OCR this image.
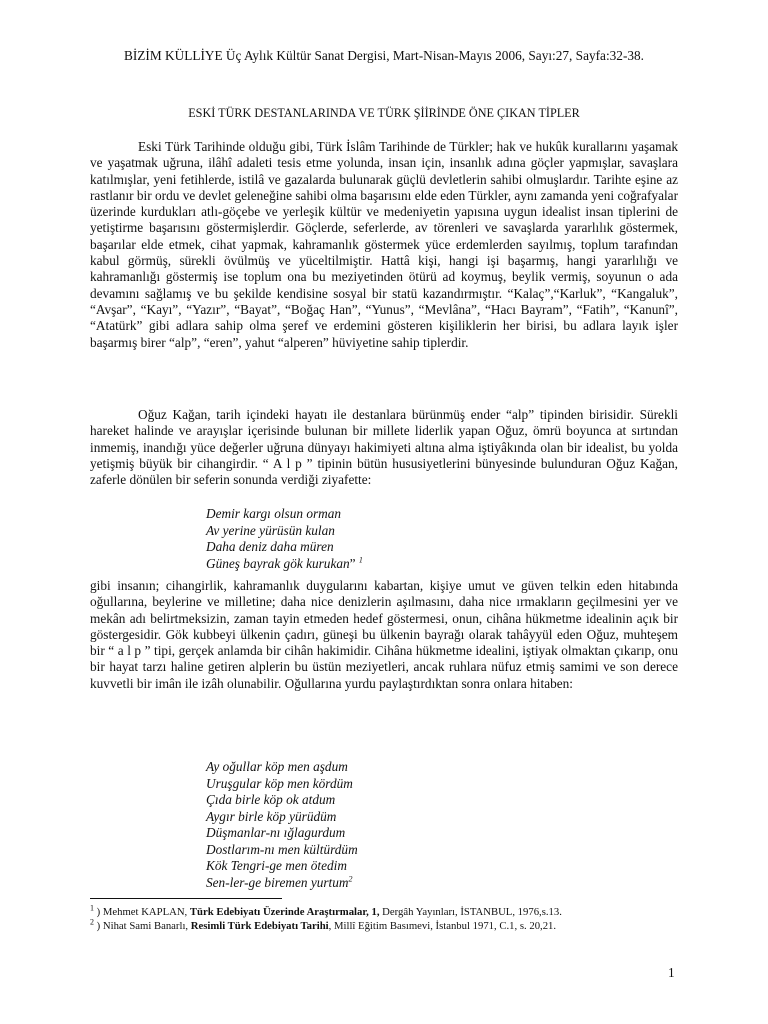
BİZİM KÜLLİYE Üç Aylık Kültür Sanat Dergisi, Mart-Nisan-Mayıs 2006, Sayı:27, Sayfa:32-38.
ESKİ TÜRK DESTANLARINDA VE TÜRK ŞİİRİNDE ÖNE ÇIKAN TİPLER

Eski Türk Tarihinde olduğu gibi, Türk İslâm Tarihinde de Türkler; hak ve hukûk kurallarını yaşamak ve yaşatmak uğruna, ilâhî adaleti tesis etme yolunda, insan için, insanlık adına göçler yapmışlar, savaşlara katılmışlar, yeni fetihlerde, istilâ ve gazalarda bulunarak güçlü devletlerin sahibi olmuşlardır. Tarihte eşine az rastlanır bir ordu ve devlet geleneğine sahibi olma başarısını elde eden Türkler, aynı zamanda yeni coğrafyalar üzerinde kurdukları atlı-göçebe ve yerleşik kültür ve medeniyetin yapısına uygun idealist insan tiplerini de yetiştirme başarısını göstermişlerdir. Göçlerde, seferlerde, av törenleri ve savaşlarda yararlılık göstermek, başarılar elde etmek, cihat yapmak, kahramanlık göstermek yüce erdemlerden sayılmış, toplum tarafından kabul görmüş, sürekli övülmüş ve yüceltilmiştir. Hattâ kişi, hangi işi başarmış, hangi yararlılığı ve kahramanlığı göstermiş ise toplum ona bu meziyetinden ötürü ad koymuş, beylik vermiş, soyunun o ada devamını sağlamış ve bu şekilde kendisine sosyal bir statü kazandırmıştır. “Kalaç”,“Karluk”, “Kangaluk”, “Avşar”, “Kayı”, “Yazır”, “Bayat”, “Boğaç Han”, “Yunus”, “Mevlâna”, “Hacı Bayram”, “Fatih”, “Kanunî”, “Atatürk” gibi adlara sahip olma şeref ve erdemini gösteren kişiliklerin her birisi, bu adlara layık işler başarmış birer “alp”, “eren”, yahut “alperen” hüviyetine sahip tiplerdir.

Oğuz Kağan, tarih içindeki hayatı ile destanlara bürünmüş ender “alp” tipinden birisidir. Sürekli hareket halinde ve arayışlar içerisinde bulunan bir millete liderlik yapan Oğuz, ömrü boyunca at sırtından inmemiş, inandığı yüce değerler uğruna dünyayı hakimiyeti altına alma iştiyâkında olan bir idealist, bu yolda yetişmiş büyük bir cihangirdir. “ A l p ” tipinin bütün hususiyetlerini bünyesinde bulunduran Oğuz Kağan, zaferle dönülen bir seferin sonunda verdiği ziyafette:

Demir kargı olsun orman
Av yerine yürüsün kulan
Daha deniz daha müren
Güneş bayrak gök kurukan” $^1$

gibi insanın; cihangirlik, kahramanlık duygularını kabartan, kişiye umut ve güven telkin eden hitabında oğullarına, beylerine ve milletine; daha nice denizlerin aşılmasını, daha nice ırmakların geçilmesini yer ve mekân adı belirtmeksizin, zaman tayin etmeden hedef göstermesi, onun, cihâna hükmetme idealinin açık bir göstergesidir. Gök kubbeyi ülkenin çadırı, güneşi bu ülkenin bayrağı olarak tahâyyül eden Oğuz, muhteşem bir “ a l p ” tipi, gerçek anlamda bir cihân hakimidir. Cihâna hükmetme idealini, iştiyak olmaktan çıkarıp, onu bir hayat tarzı haline getiren alplerin bu üstün meziyetleri, ancak ruhlara nüfuz etmiş samimi ve son derece kuvvetli bir imân ile izâh olunabilir. Oğullarına yurdu paylaştırdıktan sonra onlara hitaben:

Ay oğullar köp men aşdum
Uruşgular köp men kördüm
Çıda birle köp ok atdum
Aygır birle köp yürüdüm
Düşmanlar-nı ığlagurdum
Dostlarım-nı men kültürdüm
Kök Tengri-ge men ötedim
Sen-ler-ge biremen yurtum$^2$
$^1$ ) Mehmet KAPLAN, Türk Edebiyatı Üzerinde Araştırmalar, 1, Dergâh Yayınları, İSTANBUL, 1976,s.13.
$^2$ ) Nihat Sami Banarlı, Resimli Türk Edebiyatı Tarihi, Millî Eğitim Basımevi, İstanbul 1971, C.1, s. 20,21.
1
